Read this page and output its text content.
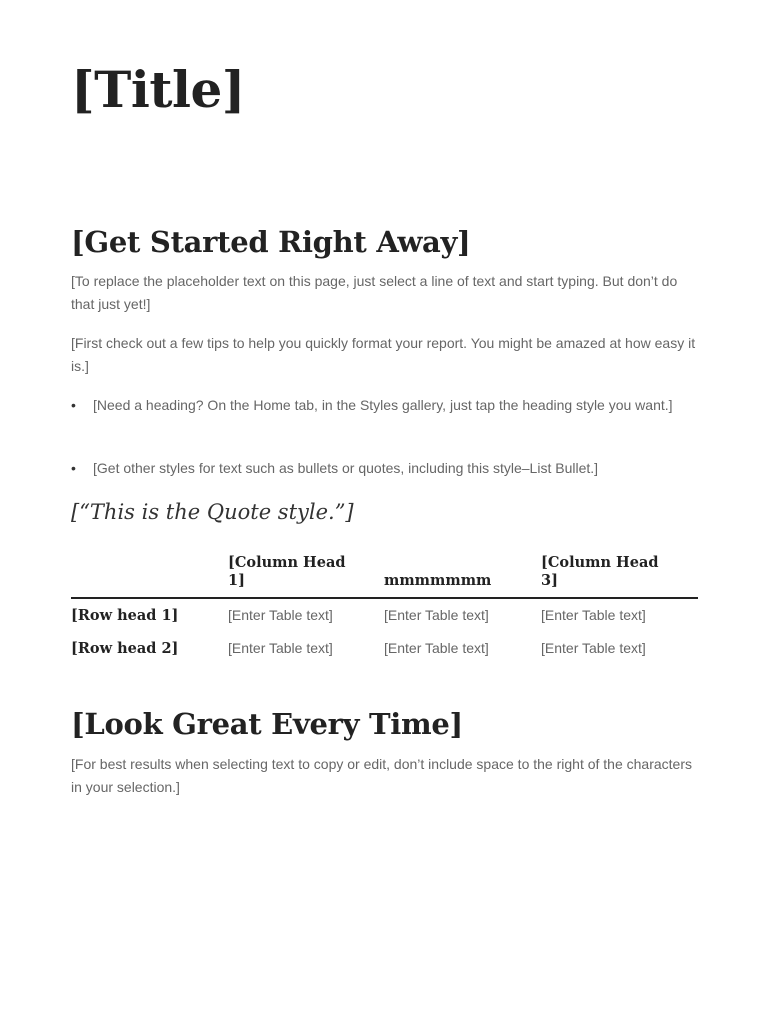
[Title]
[Get Started Right Away]

[To replace the placeholder text on this page, just select a line of text and start typing. But don’t do that just yet!]

[First check out a few tips to help you quickly format your report. You might be amazed at how easy it is.]

• [Need a heading? On the Home tab, in the Styles gallery, just tap the heading style you want.]
• [Get other styles for text such as bullets or quotes, including this style–List Bullet.]

[“This is the Quote style.”]

	[Column Head 1]	mmmmmmm	[Column Head 3]
[Row head 1]	[Enter Table text]	[Enter Table text]	[Enter Table text]
[Row head 2]	[Enter Table text]	[Enter Table text]	[Enter Table text]
[Look Great Every Time]

[For best results when selecting text to copy or edit, don’t include space to the right of the characters in your selection.]
